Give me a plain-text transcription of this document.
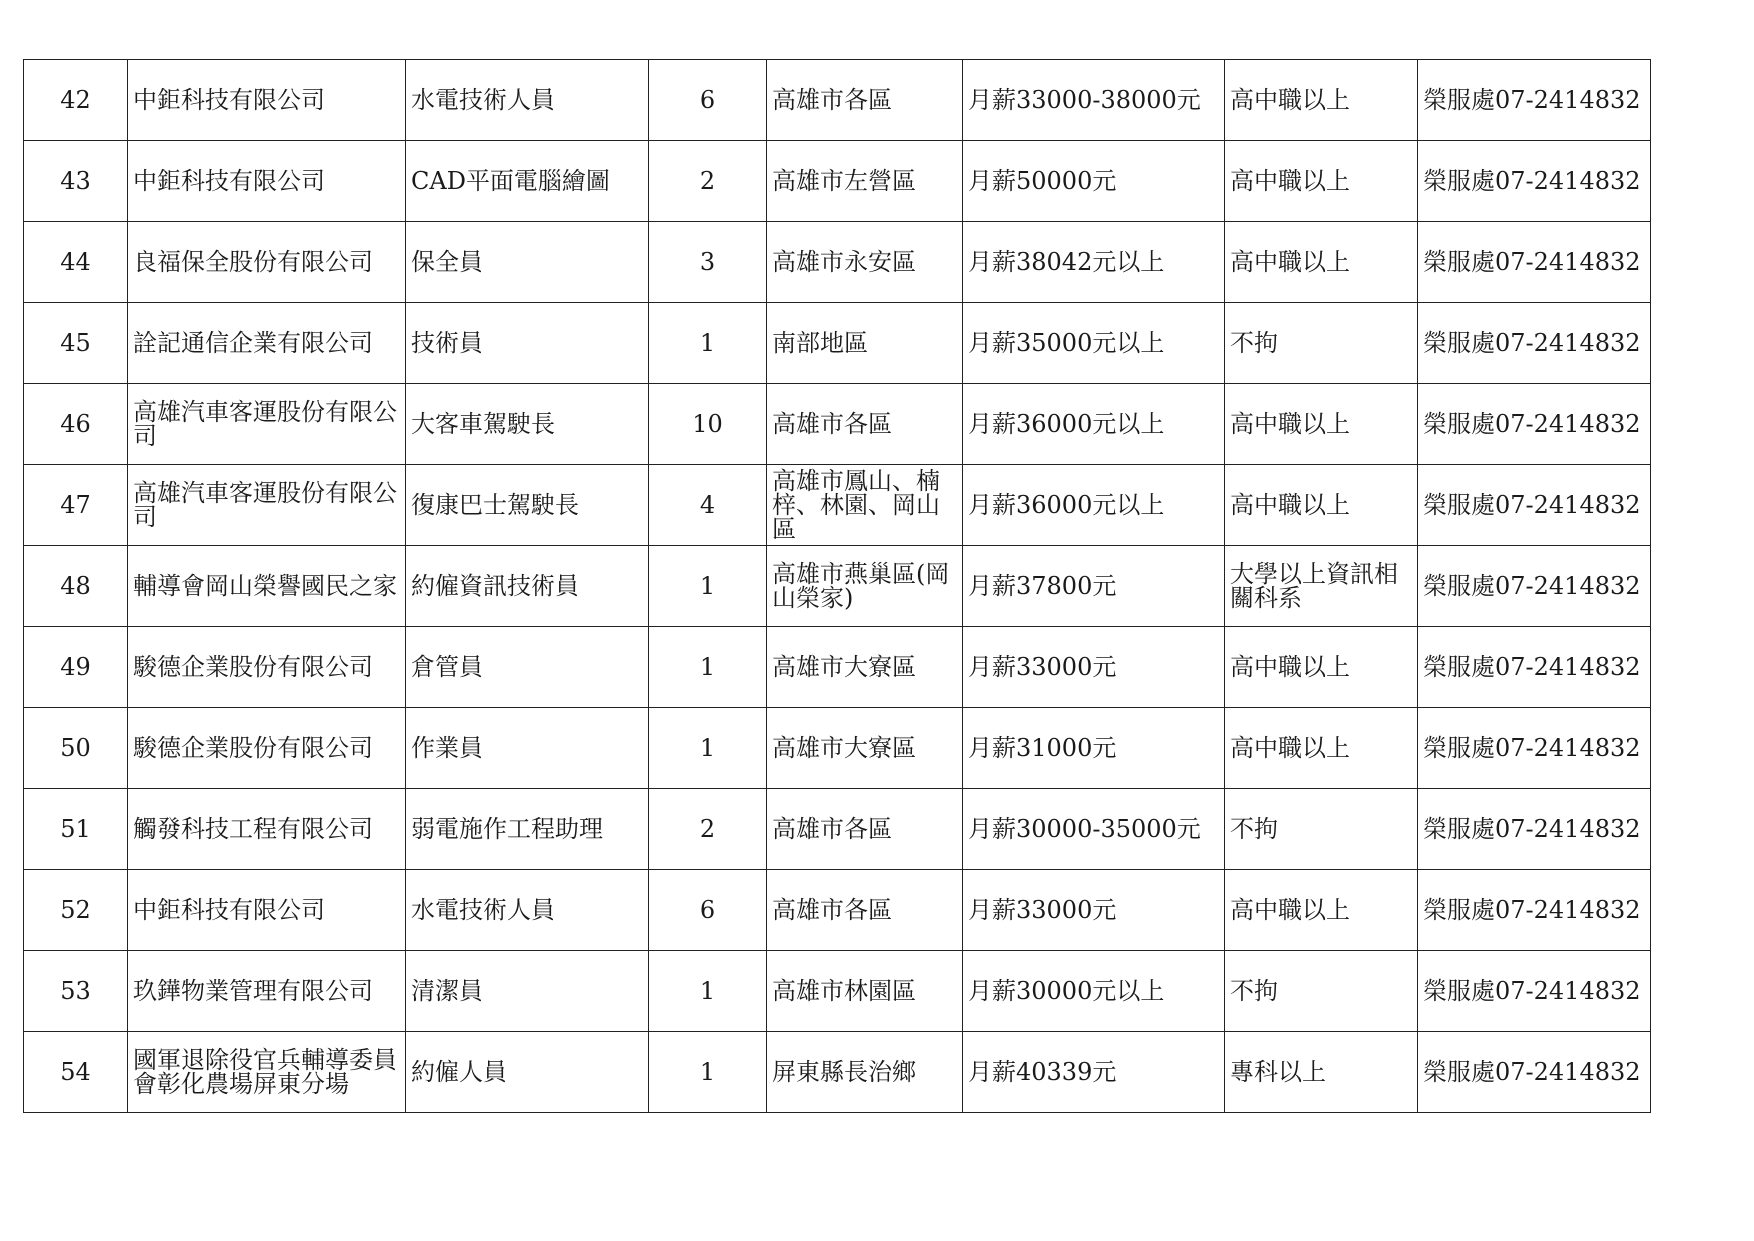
42	中鉅科技有限公司	水電技術人員	6	高雄市各區	月薪33000-38000元	高中職以上	榮服處07-2414832

43	中鉅科技有限公司	CAD平面電腦繪圖	2	高雄市左營區	月薪50000元	高中職以上	榮服處07-2414832

44	良福保全股份有限公司	保全員	3	高雄市永安區	月薪38042元以上	高中職以上	榮服處07-2414832

45	詮記通信企業有限公司	技術員	1	南部地區	月薪35000元以上	不拘	榮服處07-2414832

46	高雄汽車客運股份有限公司	大客車駕駛長	10	高雄市各區	月薪36000元以上	高中職以上	榮服處07-2414832

47	高雄汽車客運股份有限公司	復康巴士駕駛長	4	高雄市鳳山、楠梓、林園、岡山區	月薪36000元以上	高中職以上	榮服處07-2414832

48	輔導會岡山榮譽國民之家	約僱資訊技術員	1	高雄市燕巢區(岡山榮家)	月薪37800元	大學以上資訊相關科系	榮服處07-2414832

49	駿德企業股份有限公司	倉管員	1	高雄市大寮區	月薪33000元	高中職以上	榮服處07-2414832

50	駿德企業股份有限公司	作業員	1	高雄市大寮區	月薪31000元	高中職以上	榮服處07-2414832

51	觸發科技工程有限公司	弱電施作工程助理	2	高雄市各區	月薪30000-35000元	不拘	榮服處07-2414832

52	中鉅科技有限公司	水電技術人員	6	高雄市各區	月薪33000元	高中職以上	榮服處07-2414832

53	玖鏵物業管理有限公司	清潔員	1	高雄市林園區	月薪30000元以上	不拘	榮服處07-2414832

54	國軍退除役官兵輔導委員會彰化農場屏東分場	約僱人員	1	屏東縣長治鄉	月薪40339元	專科以上	榮服處07-2414832
